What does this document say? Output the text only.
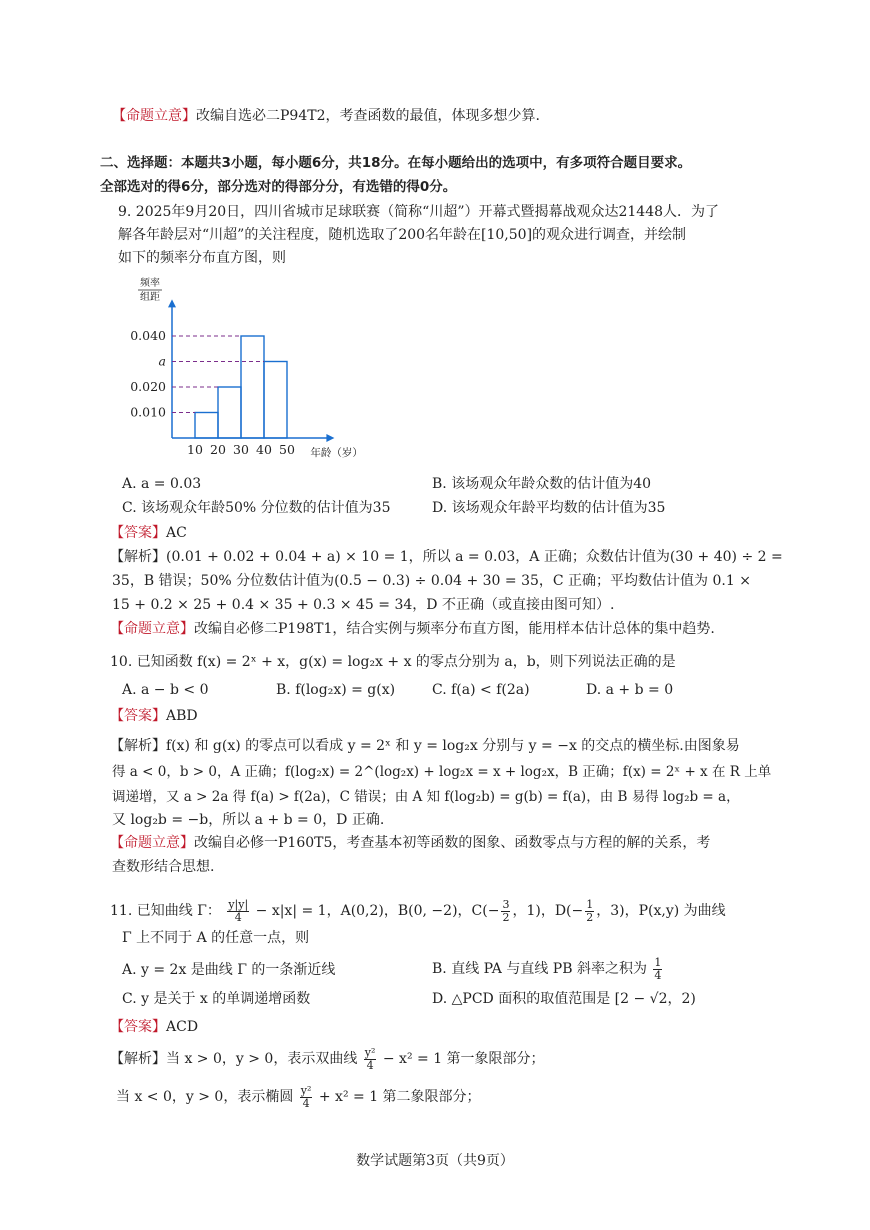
【命题立意】改编自选必二P94T2，考查函数的最值，体现多想少算.
二、选择题：本题共3小题，每小题6分，共18分。在每小题给出的选项中，有多项符合题目要求。
全部选对的得6分，部分选对的得部分分，有选错的得0分。
9. 2025年9月20日，四川省城市足球联赛（简称“川超”）开幕式暨揭幕战观众达21448人．为了
解各年龄层对“川超”的关注程度，随机选取了200名年龄在[10,50]的观众进行调查，并绘制
如下的频率分布直方图，则
频率
组距
0.010
0.020
a
0.040
10 20 30 40 50 年龄（岁）
A. a = 0.03	B. 该场观众年龄众数的估计值为40
C. 该场观众年龄50% 分位数的估计值为35	D. 该场观众年龄平均数的估计值为35
【答案】AC
【解析】(0.01 + 0.02 + 0.04 + a) × 10 = 1，所以 a = 0.03，A 正确；众数估计值为(30 + 40) ÷ 2 =
35，B 错误；50% 分位数估计值为(0.5 − 0.3) ÷ 0.04 + 30 = 35，C 正确；平均数估计值为 0.1 ×
15 + 0.2 × 25 + 0.4 × 35 + 0.3 × 45 = 34，D 不正确（或直接由图可知）.
【命题立意】改编自必修二P198T1，结合实例与频率分布直方图，能用样本估计总体的集中趋势.
10. 已知函数 f(x) = 2ˣ + x，g(x) = log₂x + x 的零点分别为 a，b，则下列说法正确的是
A. a − b < 0	B. f(log₂x) = g(x)	C. f(a) < f(2a)	D. a + b = 0
【答案】ABD
【解析】f(x) 和 g(x) 的零点可以看成 y = 2ˣ 和 y = log₂x 分别与 y = −x 的交点的横坐标.由图象易
得 a < 0，b > 0，A 正确；f(log₂x) = 2^(log₂x) + log₂x = x + log₂x，B 正确；f(x) = 2ˣ + x 在 R 上单
调递增，又 a > 2a 得 f(a) > f(2a)，C 错误；由 A 知 f(log₂b) = g(b) = f(a)，由 B 易得 log₂b = a，
又 log₂b = −b，所以 a + b = 0，D 正确.
【命题立意】改编自必修一P160T5，考查基本初等函数的图象、函数零点与方程的解的关系，考
查数形结合思想.
11. 已知曲线 Γ： $\frac{y|y|}{4} - x|x| = 1$，A(0,2)，B(0, −2)，$C(- \frac{3}{2}$ ，1)，$D(- \frac{1}{2}$ ，3)，P(x,y) 为曲线
Γ 上不同于 A 的任意一点，则
A. y = 2x 是曲线 Γ 的一条渐近线	B. 直线 PA 与直线 PB 斜率之积为 $\frac{1}{4}$
C. y 是关于 x 的单调递增函数	D. △PCD 面积的取值范围是 [2 − √2，2)
【答案】ACD
【解析】当 x > 0，y > 0，表示双曲线 $\frac{\text{y²}}{4} - x^2 = 1$ 第一象限部分；
当 x < 0，y > 0，表示椭圆 $\frac{\text{y²}}{4} + x^2 = 1$ 第二象限部分；
数学试题第3页（共9页）
